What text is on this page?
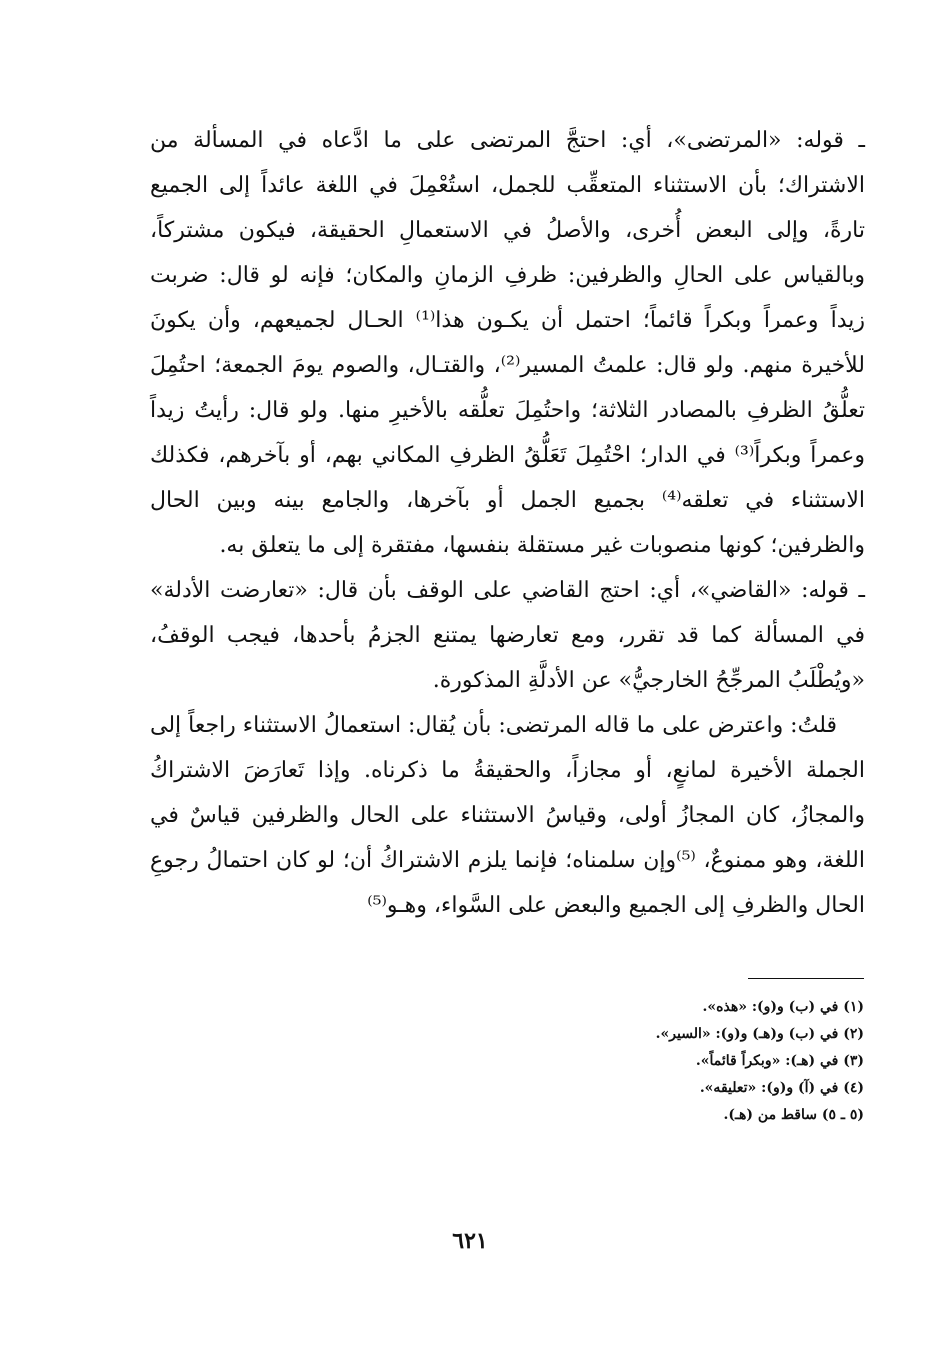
ـ قوله: «المرتضى»، أي: احتجَّ المرتضى على ما ادَّعاه في المسألة من الاشتراك؛ بأن الاستثناء المتعقِّب للجمل، استُعْمِلَ في اللغة عائداً إلى الجميع تارةً، وإلى البعض أُخرى، والأصلُ في الاستعمالِ الحقيقة، فيكون مشتركاً، وبالقياس على الحالِ والظرفين: ظرفِ الزمانِ والمكان؛ فإنه لو قال: ضربت زيداً وعمراً وبكراً قائماً؛ احتمل أن يكـون هذا⁽¹⁾ الحـال لجميعهم، وأن يكونَ للأخيرة منهم. ولو قال: علمتُ المسير⁽²⁾، والقتـال، والصوم يومَ الجمعة؛ احتُمِلَ تعلُّقُ الظرفِ بالمصادر الثلاثة؛ واحتُمِلَ تعلُّقه بالأخيرِ منها. ولو قال: رأيتُ زيداً وعمراً وبكراً⁽³⁾ في الدار؛ احْتُمِلَ تَعَلُّقُ الظرفِ المكاني بهم، أو بآخرهم، فكذلك الاستثناء في تعلقه⁽⁴⁾ بجميع الجمل أو بآخرها، والجامع بينه وبين الحال والظرفين؛ كونها منصوبات غير مستقلة بنفسها، مفتقرة إلى ما يتعلق به.

ـ قوله: «القاضي»، أي: احتج القاضي على الوقف بأن قال: «تعارضت الأدلة» في المسألة كما قد تقرر، ومع تعارضها يمتنع الجزمُ بأحدها، فيجب الوقفُ، «ويُطْلَبُ المرجِّحُ الخارجيُّ» عن الأدلَّةِ المذكورة.

قلتُ: واعترض على ما قاله المرتضى: بأن يُقال: استعمالُ الاستثناء راجعاً إلى الجملة الأخيرة لمانعٍ، أو مجازاً، والحقيقةُ ما ذكرناه. وإذا تَعارَضَ الاشتراكُ والمجازُ، كان المجازُ أولى، وقياسُ الاستثناء على الحال والظرفين قياسٌ في اللغة، وهو ممنوعٌ، ⁽⁵⁾وإن سلمناه؛ فإنما يلزم الاشتراكُ أن؛ لو كان احتمالُ رجوعِ الحال والظرفِ إلى الجميع والبعض على السَّواء، وهـو⁽⁵⁾

(١) في (ب) و(و): «هذه».
(٢) في (ب) و(هـ) و(و): «السير».
(٣) في (هـ): «وبكراً قائماً».
(٤) في (آ) و(و): «تعليقه».
(٥ ـ ٥) ساقط من (هـ).
٦٢١
